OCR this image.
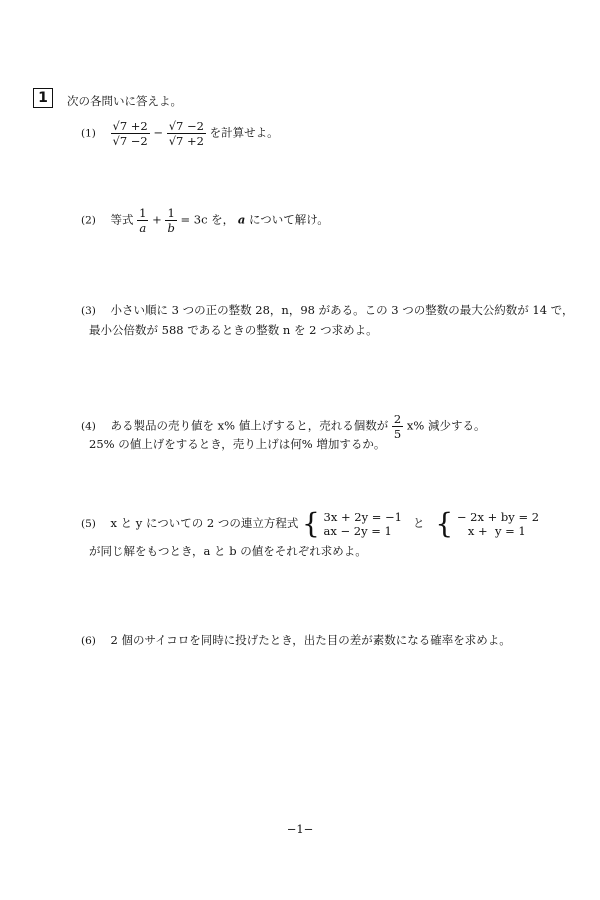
1	次の各問いに答えよ。
$(1) \frac{√7 +2}{√7 -2} - \frac{√7 -2}{√7 +2}$ を計算せよ。
(2) 等式 $\frac{1}{a} + \frac{1}{b} = 3c$ を， a について解け。
(3) 小さい順に 3 つの正の整数 28，n，98 がある。この 3 つの整数の最大公約数が 14 で，
最小公倍数が 588 であるときの整数 n を 2 つ求めよ。
(4) ある製品の売り値を x% 値上げすると，売れる個数が $\frac{2}{5} x\%$ 減少する。
25% の値上げをするとき，売り上げは何% 増加するか。
(5) x と y についての 2 つの連立方程式 { 3x + 2y = −1
ax − 2y = 1
と { − 2x + by = 2
x +  y = 1
が同じ解をもつとき，a と b の値をそれぞれ求めよ。
(6) 2 個のサイコロを同時に投げたとき，出た目の差が素数になる確率を求めよ。
−1−
